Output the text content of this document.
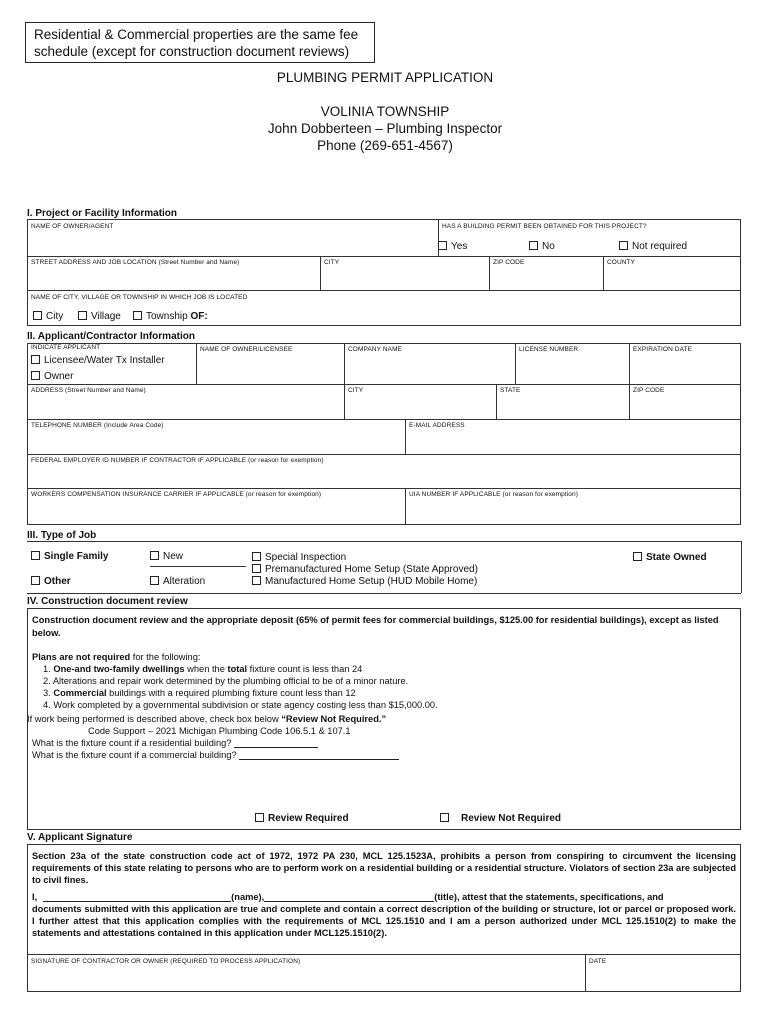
Residential & Commercial properties are the same fee schedule (except for construction document reviews)
PLUMBING PERMIT APPLICATION
VOLINIA TOWNSHIP
John Dobberteen – Plumbing Inspector
Phone (269-651-4567)
I. Project or Facility Information
NAME OF OWNER/AGENT	HAS A BUILDING PERMIT BEEN OBTAINED FOR THIS PROJECT?
Yes	No	Not required
STREET ADDRESS AND JOB LOCATION (Street Number and Name)	CITY	ZIP CODE	COUNTY
NAME OF CITY, VILLAGE OR TOWNSHIP IN WHICH JOB IS LOCATED
City	Village	Township OF:
II. Applicant/Contractor Information
INDICATE APPLICANT
Licensee/Water Tx Installer
Owner
NAME OF OWNER/LICENSEE	COMPANY NAME	LICENSE NUMBER	EXPIRATION DATE
ADDRESS (Street Number and Name)	CITY	STATE	ZIP CODE
TELEPHONE NUMBER (Include Area Code)	E-MAIL ADDRESS
FEDERAL EMPLOYER ID NUMBER IF CONTRACTOR IF APPLICABLE (or reason for exemption)
WORKERS COMPENSATION INSURANCE CARRIER IF APPLICABLE (or reason for exemption)	UIA NUMBER IF APPLICABLE (or reason for exemption)
III. Type of Job
Single Family
Other
New
Alteration
Special Inspection
Premanufactured Home Setup (State Approved)
Manufactured Home Setup (HUD Mobile Home)
State Owned
IV. Construction document review
Construction document review and the appropriate deposit (65% of permit fees for commercial buildings, $125.00 for residential buildings), except as listed below.
Plans are not required for the following:
1. One-and two-family dwellings when the total fixture count is less than 24
2. Alterations and repair work determined by the plumbing official to be of a minor nature.
3. Commercial buildings with a required plumbing fixture count less than 12
4. Work completed by a governmental subdivision or state agency costing less than $15,000.00.
If work being performed is described above, check box below “Review Not Required.”
Code Support – 2021 Michigan Plumbing Code 106.5.1 & 107.1
What is the fixture count if a residential building?
What is the fixture count if a commercial building?
Review Required	Review Not Required
V. Applicant Signature
Section 23a of the state construction code act of 1972, 1972 PA 230, MCL 125.1523A, prohibits a person from conspiring to circumvent the licensing requirements of this state relating to persons who are to perform work on a residential building or a residential structure. Violators of section 23a are subjected to civil fines.
I,	(name),	(title), attest that the statements, specifications, and
documents submitted with this application are true and complete and contain a correct description of the building or structure, lot or parcel or proposed work. I further attest that this application complies with the requirements of MCL 125.1510 and I am a person authorized under MCL 125.1510(2) to make the statements and attestations contained in this application under MCL125.1510(2).
SIGNATURE OF CONTRACTOR OR OWNER (REQUIRED TO PROCESS APPLICATION)	DATE
